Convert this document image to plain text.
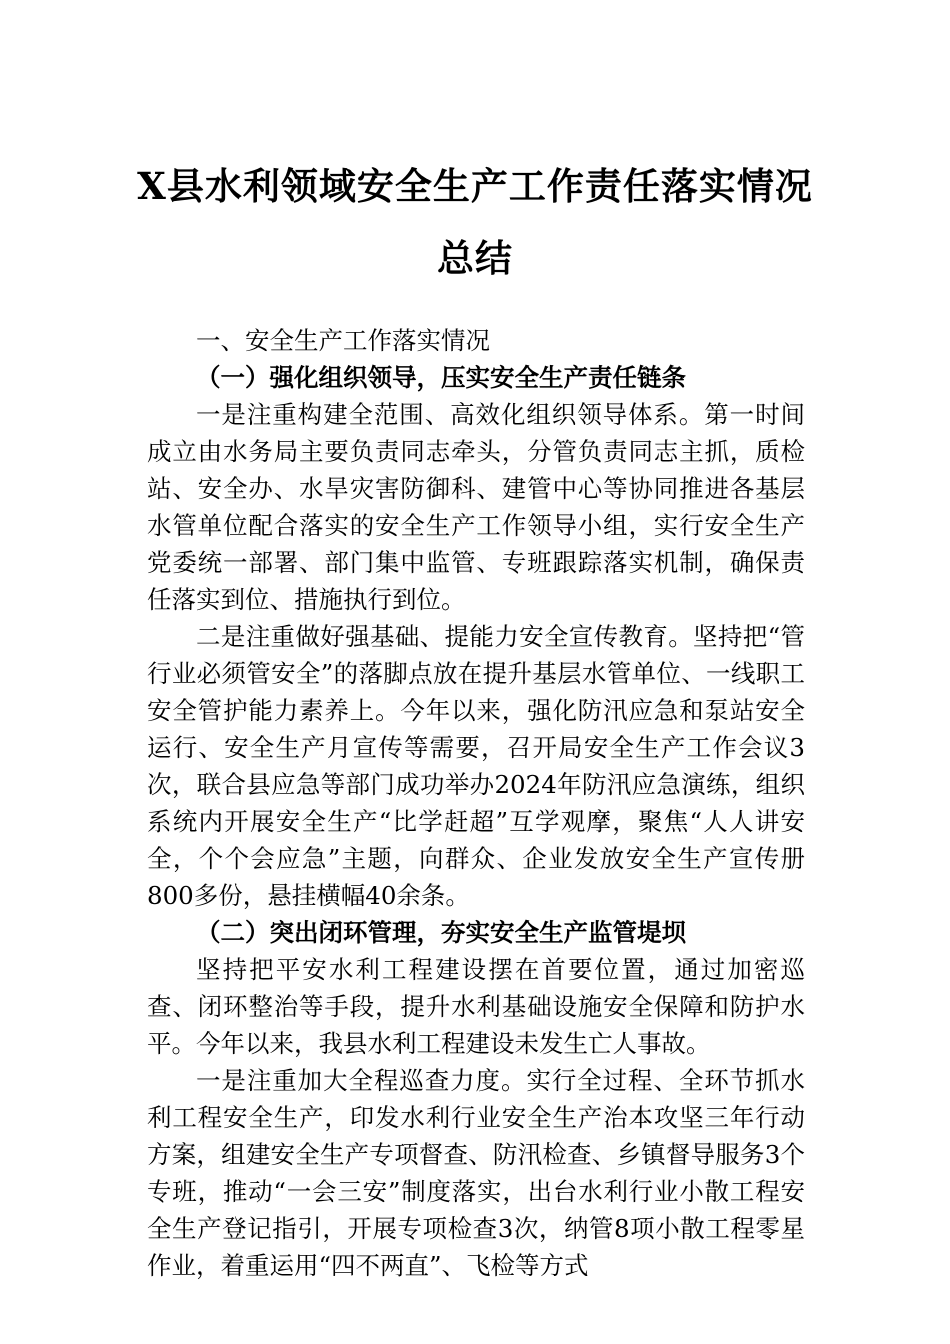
X县水利领域安全生产工作责任落实情况
总结

一、安全生产工作落实情况

（一）强化组织领导，压实安全生产责任链条

一是注重构建全范围、高效化组织领导体系。第一时间成立由水务局主要负责同志牵头，分管负责同志主抓，质检站、安全办、水旱灾害防御科、建管中心等协同推进各基层水管单位配合落实的安全生产工作领导小组，实行安全生产党委统一部署、部门集中监管、专班跟踪落实机制，确保责任落实到位、措施执行到位。

二是注重做好强基础、提能力安全宣传教育。坚持把“管行业必须管安全”的落脚点放在提升基层水管单位、一线职工安全管护能力素养上。今年以来，强化防汛应急和泵站安全运行、安全生产月宣传等需要，召开局安全生产工作会议3次，联合县应急等部门成功举办2024年防汛应急演练，组织系统内开展安全生产“比学赶超”互学观摩，聚焦“人人讲安全，个个会应急”主题，向群众、企业发放安全生产宣传册800多份，悬挂横幅40余条。

（二）突出闭环管理，夯实安全生产监管堤坝

坚持把平安水利工程建设摆在首要位置，通过加密巡查、闭环整治等手段，提升水利基础设施安全保障和防护水平。今年以来，我县水利工程建设未发生亡人事故。

一是注重加大全程巡查力度。实行全过程、全环节抓水利工程安全生产，印发水利行业安全生产治本攻坚三年行动方案，组建安全生产专项督查、防汛检查、乡镇督导服务3个专班，推动“一会三安”制度落实，出台水利行业小散工程安全生产登记指引，开展专项检查3次，纳管8项小散工程零星作业，着重运用“四不两直”、飞检等方式
